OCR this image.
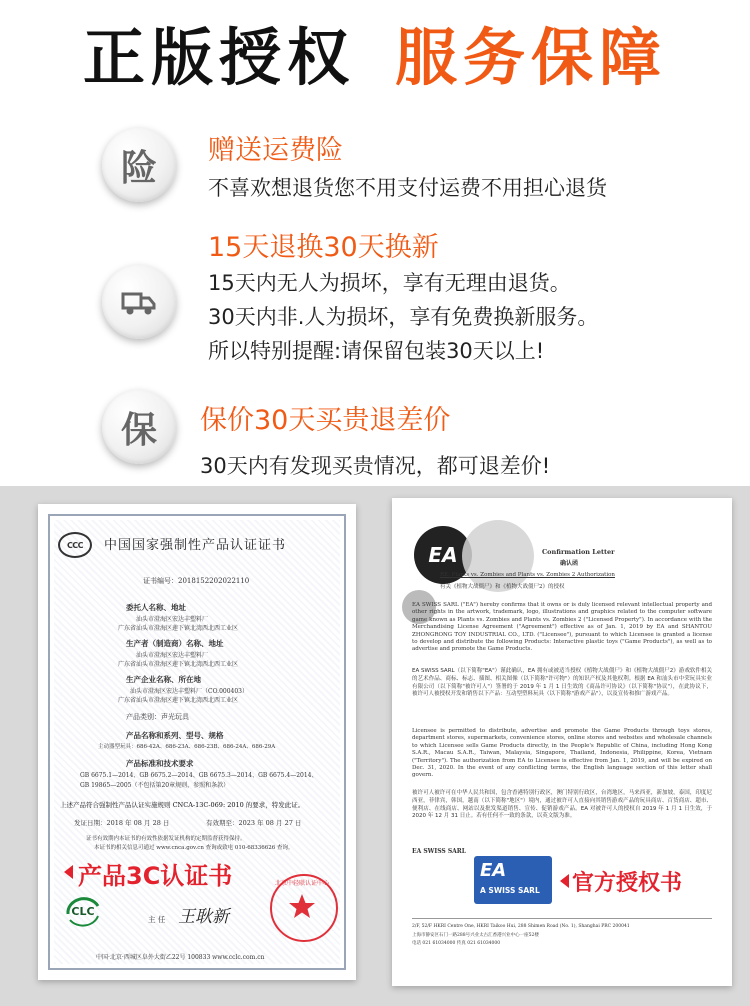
正版授权 服务保障
险 赠送运费险
不喜欢想退货您不用支付运费不用担心退货
15天退换30天换新
15天内无人为损坏，享有无理由退货。
30天内非.人为损坏，享有免费换新服务。
所以特别提醒:请保留包装30天以上!
保 保价30天买贵退差价
30天内有发现买贵情况，都可退差价!
CCC 中国国家强制性产品认证证书
证书编号：2018152202022110
委托人名称、地址
汕头市澄海区宏达丰塑料厂
广东省汕头市澄海区莲下镇北湾西北西工业区
生产者（制造商）名称、地址
汕头市澄海区宏达丰塑料厂
广东省汕头市澄海区莲下镇北湾西北西工业区
生产企业名称、所在地
汕头市澄海区宏达丰塑料厂（CO.000403）
广东省汕头市澄海区莲下镇北湾西北西工业区
产品类别：声光玩具
产品名称和系列、型号、规格
主动器型玩具：686-42A、686-23A、686-23B、686-24A、686-29A
产品标准和技术要求
GB 6675.1—2014、GB 6675.2—2014、GB 6675.3—2014、GB 6675.4—2014、
GB 19865—2005（不包括第20章规则，参照和条款）
上述产品符合强制性产品认证实施规则 CNCA-13C-069: 2010 的要求，特发此证。
发证日期：2018 年 08 月 28 日	有效期至：2023 年 08 月 27 日
证书有效期内本证书的有效性依据发证机构的定期监督获得保持。
本证书的相关信息可通过 www.cnca.gov.cn 查询或致电 010-68336626 查询。
产品3C认证书
CLC
主 任 王耿新
北京中轻联认证中心
中国·北京·西城区阜外大街乙22号 100833 www.cclc.com.cn
EA	Confirmation Letter
确认函
RE: Plants vs. Zombies and Plants vs. Zombies 2 Authorization
有关《植物大战僵尸》和《植物大战僵尸2》的授权
EA SWISS SARL ("EA") hereby confirms that it owns or is duly licensed relevant intellectual property and other rights in the artwork, trademark, logo, illustrations and graphics related to the computer software game known as Plants vs. Zombies and Plants vs. Zombies 2 ("Licensed Property"). In accordance with the Merchandising License Agreement ("Agreement") effective as of Jan. 1, 2019 by EA and SHANTOU ZHONGRONG TOY INDUSTRIAL CO., LTD. ("Licensee"), pursuant to which Licensee is granted a license to develop and distribute the following Products: Interactive plastic toys ("Game Products"), as well as to advertise and promote the Game Products.
EA SWISS SARL（以下简称"EA"）谨此确认，EA 拥有或被适当授权《植物大战僵尸》和《植物大战僵尸2》游戏软件相关的艺术作品、商标、标志、插图、相关图像（以下简称"许可物"）的知识产权及其他权利。根据 EA 和汕头市中荣玩具实业有限公司（以下简称"被许可人"）签署的于 2019 年 1 月 1 日生效的《商品许可协议》（以下简称"协议"），在此协议下，被许可人被授权开发和销售以下产品：互动型塑料玩具（以下简称"游戏产品"），以及宣传和推广游戏产品。
Licensee is permitted to distribute, advertise and promote the Game Products through toys stores, department stores, supermarkets, convenience stores, online stores and websites and wholesale channels to which Licensee sells Game Products directly, in the People's Republic of China, including Hong Kong S.A.R., Macau S.A.R., Taiwan, Malaysia, Singapore, Thailand, Indonesia, Philippine, Korea, Vietnam ("Territory"). The authorization from EA to Licensee is effective from Jan. 1, 2019, and will be expired on Dec. 31, 2020. In the event of any conflicting terms, the English language section of this letter shall govern.
被许可人被许可在中华人民共和国，包含香港特别行政区，澳门特别行政区，台湾地区，马来西亚，新加坡，泰国，印度尼西亚，菲律宾，韩国，越南（以下简称"地区"）境内，通过被许可人直接向其销售游戏产品的玩具商店、百货商店、超市、便利店、在线商店、网站以及批发渠道销售、宣传、促销游戏产品。EA 对被许可人的授权自 2019 年 1 月 1 日生效，于 2020 年 12 月 31 日止。若有任何不一致的条款，以英文版为准。
EA SWISS SARL
EA
A SWISS SARL 官方授权书
2/F, 52/F HKRI Centre One, HKRI Taikoo Hui, 288 Shimen Road (No. 1), Shanghai PRC 200041
上海市静安区石门一路288号兴业太古汇香港兴业中心一座52楼
电话 021 61034000 传真 021 61034000
